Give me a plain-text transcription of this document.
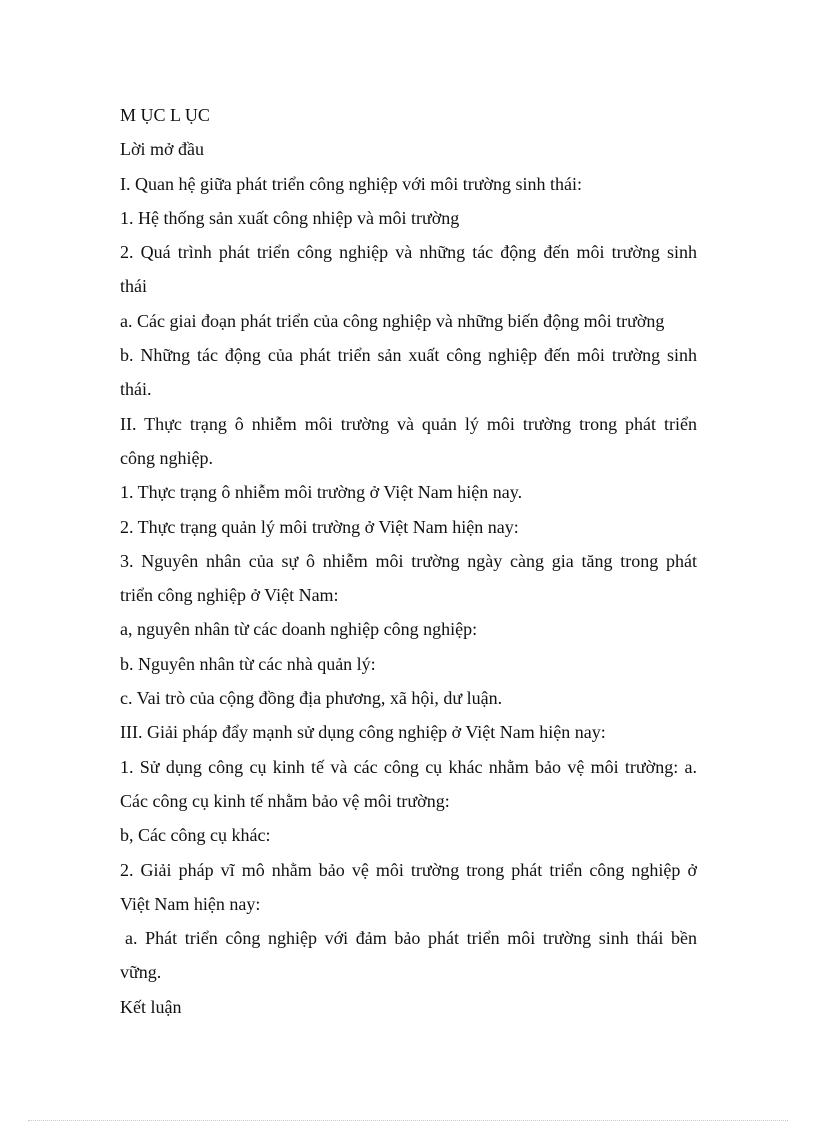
M ỤC L ỤC
Lời mở đầu
I. Quan hệ giữa phát triển công nghiệp với môi trường sinh thái:
1. Hệ thống sản xuất công nhiệp và môi trường
2. Quá trình phát triển công nghiệp và những tác động đến môi trường sinh
thái
a. Các giai đoạn phát triển của công nghiệp và những biến động môi trường
b. Những tác động của phát triển sản xuất công nghiệp đến môi trường sinh
thái.
II. Thực trạng ô nhiễm môi trường và quản lý môi trường trong phát triển
công nghiệp.
1. Thực trạng ô nhiễm môi trường ở Việt Nam hiện nay.
2. Thực trạng quản lý môi trường ở Việt Nam hiện nay:
3. Nguyên nhân của sự ô nhiễm môi trường ngày càng gia tăng trong phát
triển công nghiệp ở Việt Nam:
a, nguyên nhân từ các doanh nghiệp công nghiệp:
b. Nguyên nhân từ các nhà quản lý:
c. Vai trò của cộng đồng địa phương, xã hội, dư luận.
III. Giải pháp đẩy mạnh sử dụng công nghiệp ở Việt Nam hiện nay:
1. Sử dụng công cụ kinh tế và các công cụ khác nhằm bảo vệ môi trường: a.
Các công cụ kinh tế nhằm bảo vệ môi trường:
b, Các công cụ khác:
2. Giải pháp vĩ mô nhằm bảo vệ môi trường trong phát triển công nghiệp ở
Việt Nam hiện nay:
a. Phát triển công nghiệp với đảm bảo phát triển môi trường sinh thái bền
vững.
Kết luận
